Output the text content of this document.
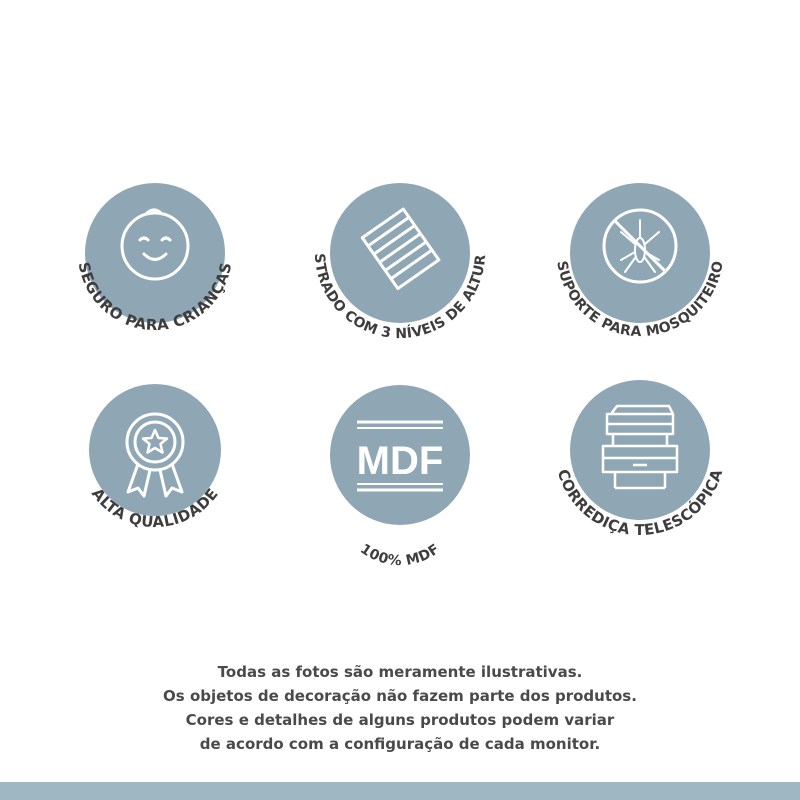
SEGURO PARA CRIANÇAS
ESTRADO COM 3 NÍVEIS DE ALTURA
SUPORTE PARA MOSQUITEIRO
ALTA QUALIDADE
MDF
100% MDF
CORREDIÇA TELESCÓPICA
Todas as fotos são meramente ilustrativas.
Os objetos de decoração não fazem parte dos produtos.
Cores e detalhes de alguns produtos podem variar
de acordo com a configuração de cada monitor.
